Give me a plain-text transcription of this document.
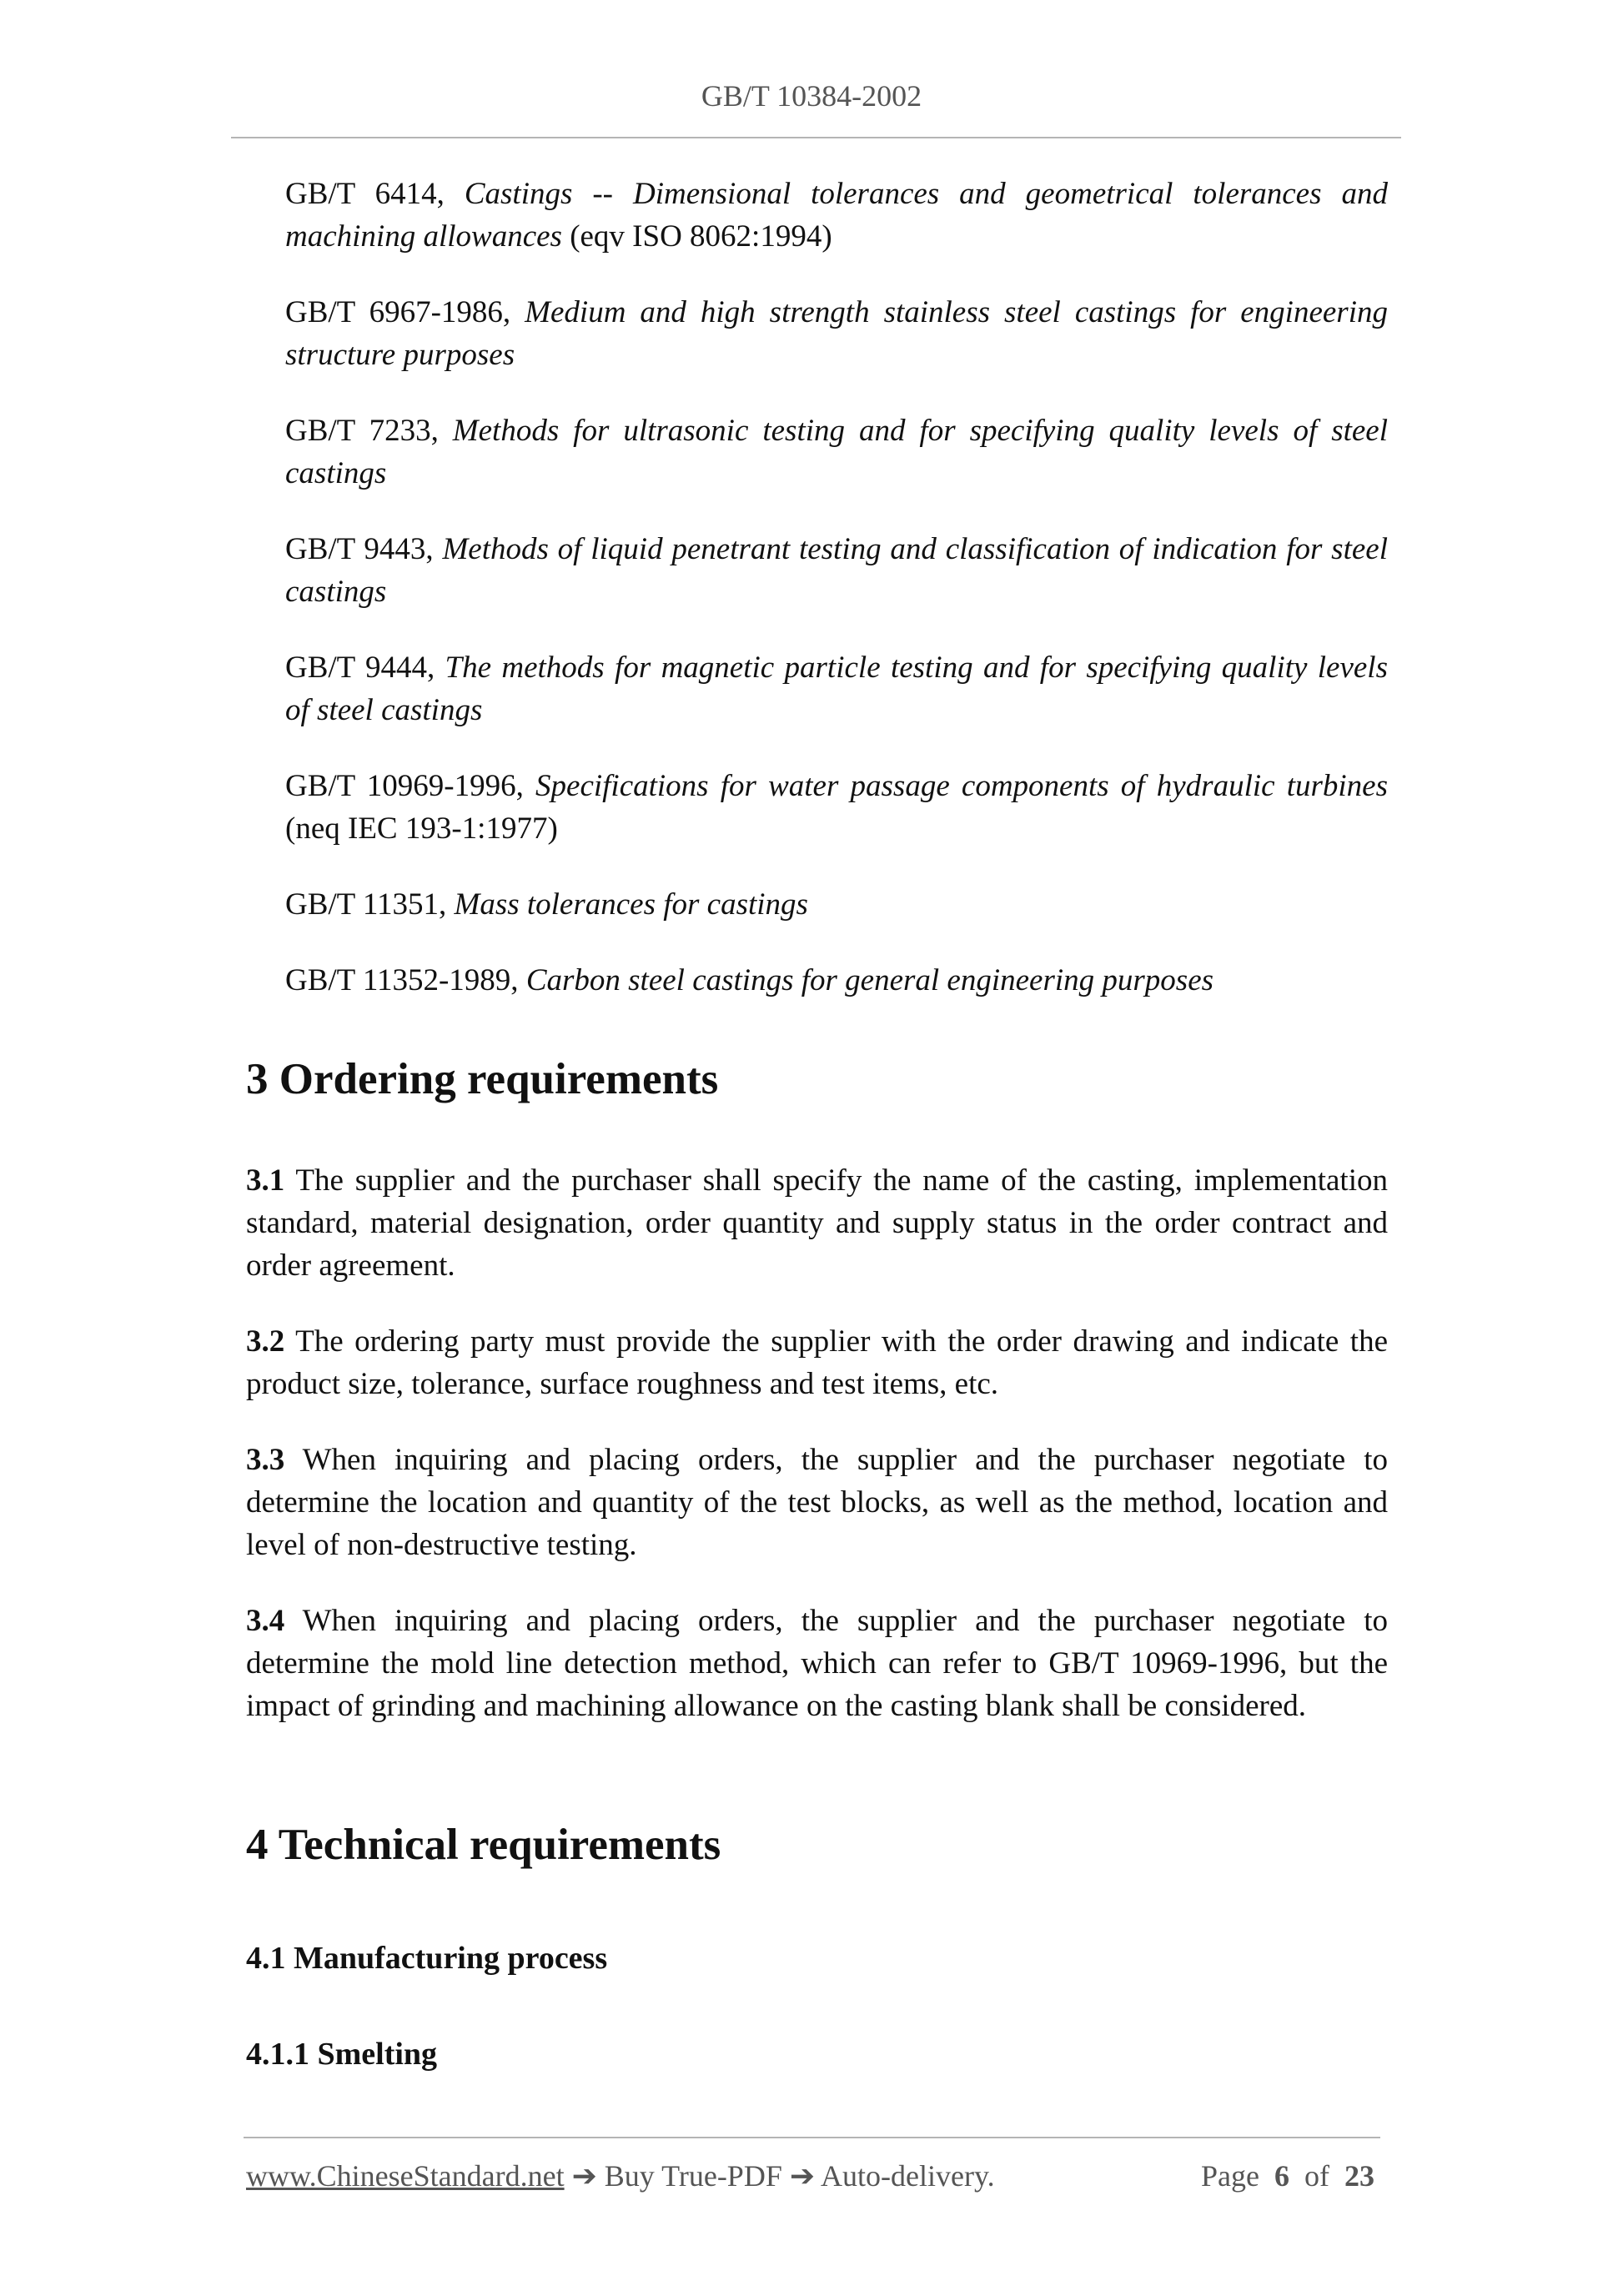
GB/T 10384-2002

GB/T 6414, Castings -- Dimensional tolerances and geometrical tolerances and machining allowances (eqv ISO 8062:1994)

GB/T 6967-1986, Medium and high strength stainless steel castings for engineering structure purposes

GB/T 7233, Methods for ultrasonic testing and for specifying quality levels of steel castings

GB/T 9443, Methods of liquid penetrant testing and classification of indication for steel castings

GB/T 9444, The methods for magnetic particle testing and for specifying quality levels of steel castings

GB/T 10969-1996, Specifications for water passage components of hydraulic turbines (neq IEC 193-1:1977)

GB/T 11351, Mass tolerances for castings

GB/T 11352-1989, Carbon steel castings for general engineering purposes

3 Ordering requirements

3.1 The supplier and the purchaser shall specify the name of the casting, implementation standard, material designation, order quantity and supply status in the order contract and order agreement.

3.2 The ordering party must provide the supplier with the order drawing and indicate the product size, tolerance, surface roughness and test items, etc.

3.3 When inquiring and placing orders, the supplier and the purchaser negotiate to determine the location and quantity of the test blocks, as well as the method, location and level of non-destructive testing.

3.4 When inquiring and placing orders, the supplier and the purchaser negotiate to determine the mold line detection method, which can refer to GB/T 10969-1996, but the impact of grinding and machining allowance on the casting blank shall be considered.

4 Technical requirements
4.1 Manufacturing process
4.1.1 Smelting
www.ChineseStandard.net ➔ Buy True-PDF ➔ Auto-delivery.	Page 6 of 23
